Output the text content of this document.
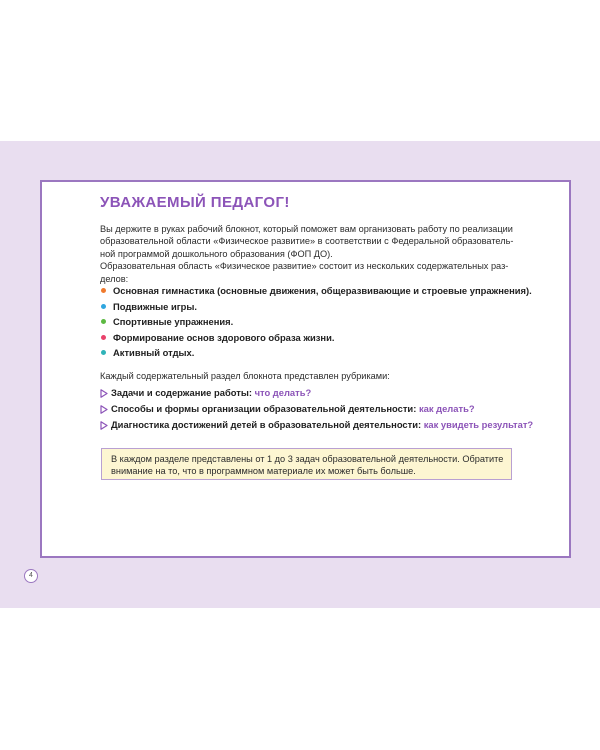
УВАЖАЕМЫЙ ПЕДАГОГ!
Вы держите в руках рабочий блокнот, который поможет вам организовать работу по реализации
образовательной области «Физическое развитие» в соответствии с Федеральной образователь-
ной программой дошкольного образования (ФОП ДО).
Образовательная область «Физическое развитие» состоит из нескольких содержательных раз-
делов:
Основная гимнастика (основные движения, общеразвивающие и строевые упражнения).
Подвижные игры.
Спортивные упражнения.
Формирование основ здорового образа жизни.
Активный отдых.
Каждый содержательный раздел блокнота представлен рубриками:
Задачи и содержание работы: что делать?
Способы и формы организации образовательной деятельности: как делать?
Диагностика достижений детей в образовательной деятельности: как увидеть результат?
В каждом разделе представлены от 1 до 3 задач образовательной деятельности. Обратите
внимание на то, что в программном материале их может быть больше.
4
